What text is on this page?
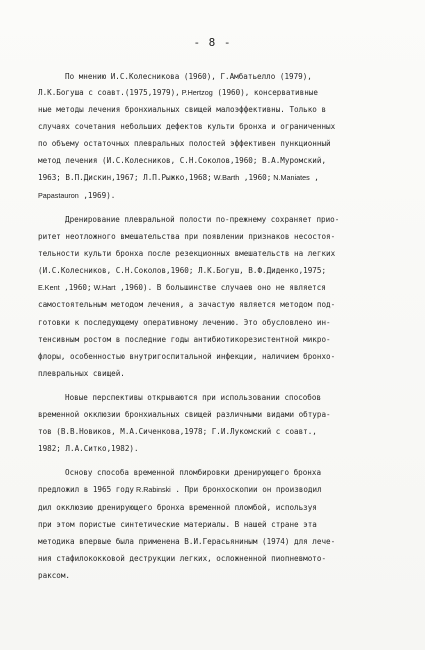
- 8 -
По мнению И.С.Колесникова (1960), Г.Амбатьелло (1979),
Л.К.Богуша с соавт.(1975,1979), P.Hertzog (1960), консервативные
ные методы лечения бронхиальных свищей малоэффективны. Только в
случаях сочетания небольших дефектов культи бронха и ограниченных
по объему остаточных плевральных полостей эффективен пункционный
метод лечения (И.С.Колесников, С.Н.Соколов,1960; В.А.Муромский,
1963; В.П.Дискин,1967; Л.П.Рыжко,1968; W.Barth ,1960; N.Maniates ,
Papastauron ,1969).
Дренирование плевральной полости по-прежнему сохраняет прио-
ритет неотложного вмешательства при появлении признаков несостоя-
тельности культи бронха после резекционных вмешательств на легких
(И.С.Колесников, С.Н.Соколов,1960; Л.К.Богуш, В.Ф.Диденко,1975;
E.Kent ,1960; W.Hart ,1960). В большинстве случаев оно не является
самостоятельным методом лечения, а зачастую является методом под-
готовки к последующему оперативному лечению. Это обусловлено ин-
тенсивным ростом в последние годы антибиотикорезистентной микро-
флоры, особенностью внутригоспитальной инфекции, наличием бронхо-
плевральных свищей.
Новые перспективы открываются при использовании способов
временной окклюзии бронхиальных свищей различными видами обтура-
тов (В.В.Новиков, М.А.Сиченкова,1978; Г.И.Лукомский с соавт.,
1982; Л.А.Ситко,1982).
Основу способа временной пломбировки дренирующего бронха
предложил в 1965 году R.Rabinski . При бронхоскопии он производил
дил окклюзию дренирующего бронха временной пломбой, используя
при этом пористые синтетические материалы. В нашей стране эта
методика впервые была применена В.И.Герасьяниным (1974) для лече-
ния стафилококковой деструкции легких, осложненной пиопневмото-
раксом.
